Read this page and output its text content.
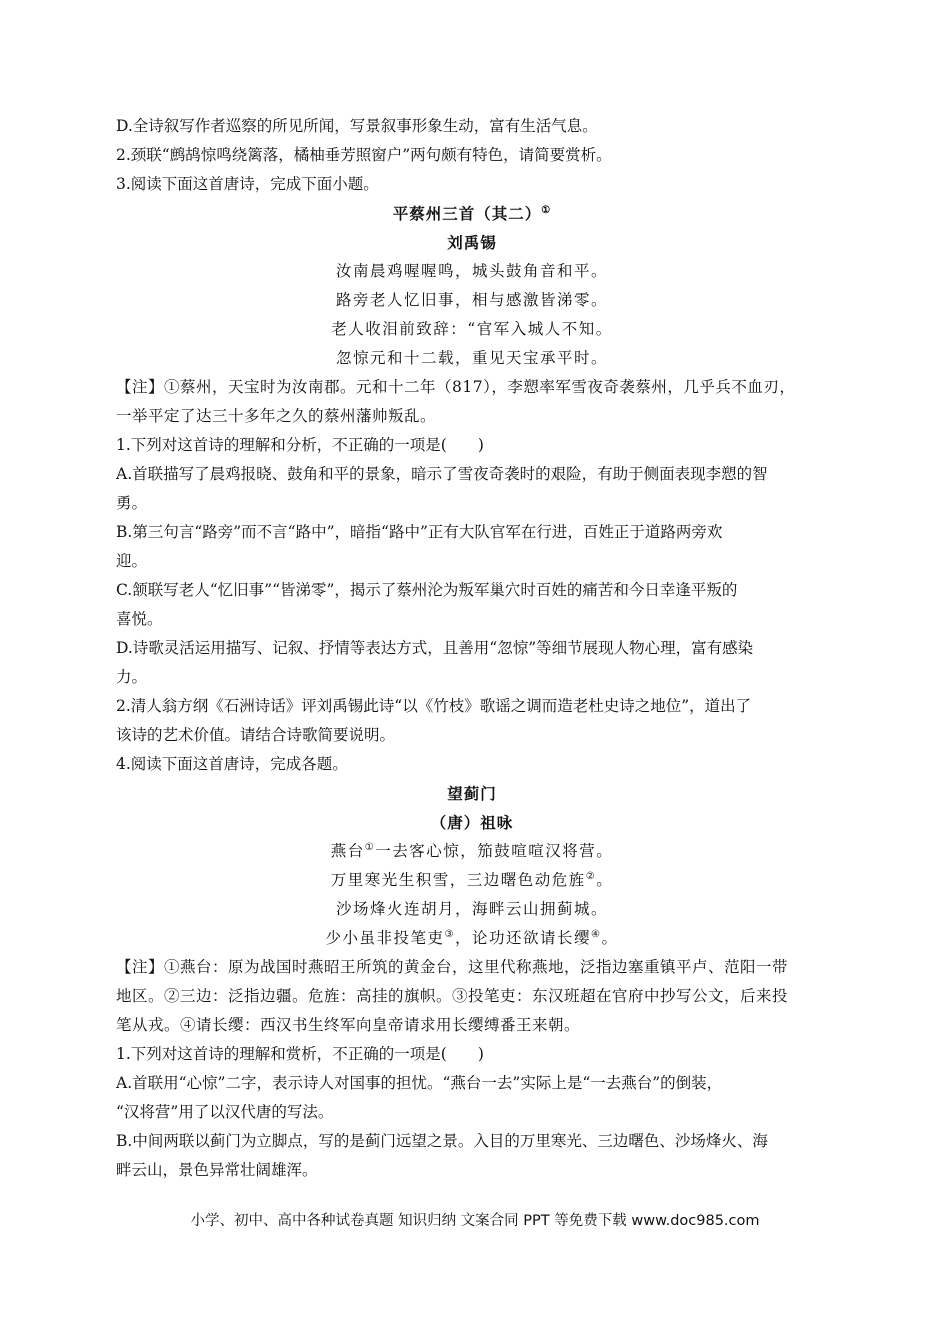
D.全诗叙写作者巡察的所见所闻，写景叙事形象生动，富有生活气息。

2.颈联“鹧鸪惊鸣绕篱落，橘柚垂芳照窗户”两句颇有特色，请简要赏析。

3.阅读下面这首唐诗，完成下面小题。

平蔡州三首（其二）①

刘禹锡

汝南晨鸡喔喔鸣，城头鼓角音和平。

路旁老人忆旧事，相与感激皆涕零。

老人收泪前致辞：“官军入城人不知。

忽惊元和十二载，重见天宝承平时。

【注】①蔡州，天宝时为汝南郡。元和十二年（817），李愬率军雪夜奇袭蔡州，几乎兵不血刃，

一举平定了达三十多年之久的蔡州藩帅叛乱。

1.下列对这首诗的理解和分析，不正确的一项是(　　)

A.首联描写了晨鸡报晓、鼓角和平的景象，暗示了雪夜奇袭时的艰险，有助于侧面表现李愬的智

勇。

B.第三句言“路旁”而不言“路中”，暗指“路中”正有大队官军在行进，百姓正于道路两旁欢

迎。

C.颔联写老人“忆旧事”“皆涕零”，揭示了蔡州沦为叛军巢穴时百姓的痛苦和今日幸逢平叛的

喜悦。

D.诗歌灵活运用描写、记叙、抒情等表达方式，且善用“忽惊”等细节展现人物心理，富有感染

力。

2.清人翁方纲《石洲诗话》评刘禹锡此诗“以《竹枝》歌谣之调而造老杜史诗之地位”，道出了

该诗的艺术价值。请结合诗歌简要说明。

4.阅读下面这首唐诗，完成各题。

望蓟门

（唐）祖咏

燕台①一去客心惊，笳鼓喧喧汉将营。

万里寒光生积雪，三边曙色动危旌②。

沙场烽火连胡月，海畔云山拥蓟城。

少小虽非投笔吏③，论功还欲请长缨④。

【注】①燕台：原为战国时燕昭王所筑的黄金台，这里代称燕地，泛指边塞重镇平卢、范阳一带

地区。②三边：泛指边疆。危旌：高挂的旗帜。③投笔吏：东汉班超在官府中抄写公文，后来投

笔从戎。④请长缨：西汉书生终军向皇帝请求用长缨缚番王来朝。

1.下列对这首诗的理解和赏析，不正确的一项是(　　)

A.首联用“心惊”二字，表示诗人对国事的担忧。“燕台一去”实际上是“一去燕台”的倒装，

“汉将营”用了以汉代唐的写法。

B.中间两联以蓟门为立脚点，写的是蓟门远望之景。入目的万里寒光、三边曙色、沙场烽火、海

畔云山，景色异常壮阔雄浑。

小学、初中、高中各种试卷真题 知识归纳 文案合同 PPT 等免费下载 www.doc985.com
